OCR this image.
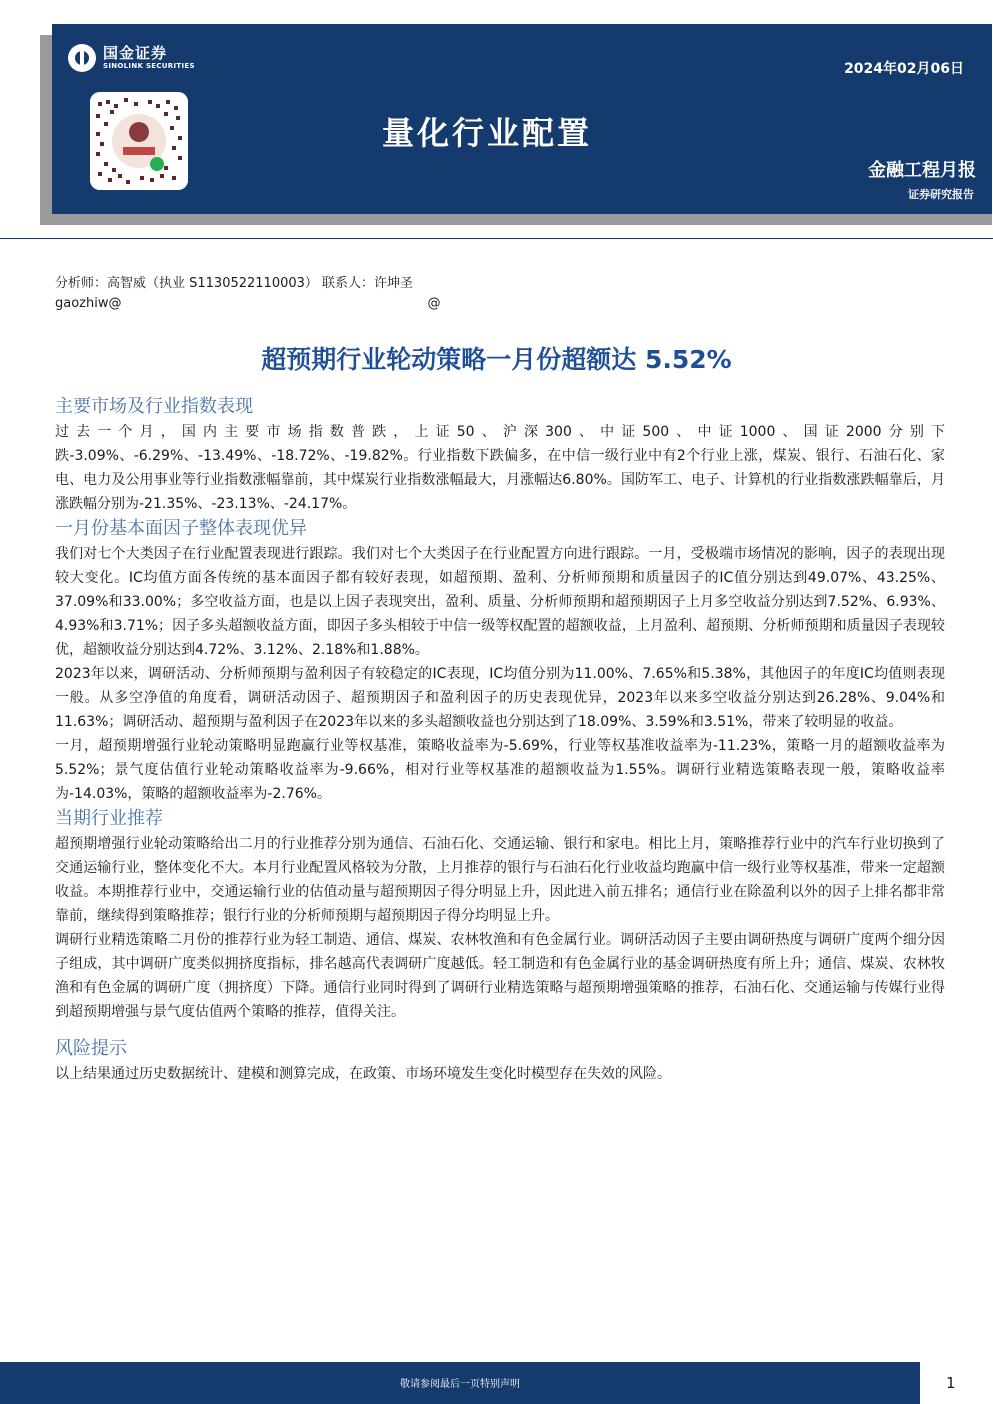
国金证券
SINOLINK SECURITIES	2024年02月06日
量化行业配置
金融工程月报
证券研究报告
分析师：高智威（执业 S1130522110003） 联系人：许坤圣
gaozhiw@	@
超预期行业轮动策略一月份超额达 5.52%
主要市场及行业指数表现

过去一个月，国内主要市场指数普跌，上证50、沪深300、中证500、中证1000、国证2000分别下跌-3.09%、-6.29%、-13.49%、-18.72%、-19.82%。行业指数下跌偏多，在中信一级行业中有2个行业上涨，煤炭、银行、石油石化、家电、电力及公用事业等行业指数涨幅靠前，其中煤炭行业指数涨幅最大，月涨幅达6.80%。国防军工、电子、计算机的行业指数涨跌幅靠后，月涨跌幅分别为-21.35%、-23.13%、-24.17%。

一月份基本面因子整体表现优异

我们对七个大类因子在行业配置表现进行跟踪。我们对七个大类因子在行业配置方向进行跟踪。一月，受极端市场情况的影响，因子的表现出现较大变化。IC均值方面各传统的基本面因子都有较好表现，如超预期、盈利、分析师预期和质量因子的IC值分别达到49.07%、43.25%、37.09%和33.00%；多空收益方面，也是以上因子表现突出，盈利、质量、分析师预期和超预期因子上月多空收益分别达到7.52%、6.93%、4.93%和3.71%；因子多头超额收益方面，即因子多头相较于中信一级等权配置的超额收益，上月盈利、超预期、分析师预期和质量因子表现较优，超额收益分别达到4.72%、3.12%、2.18%和1.88%。

2023年以来，调研活动、分析师预期与盈利因子有较稳定的IC表现，IC均值分别为11.00%、7.65%和5.38%，其他因子的年度IC均值则表现一般。从多空净值的角度看，调研活动因子、超预期因子和盈利因子的历史表现优异，2023年以来多空收益分别达到26.28%、9.04%和11.63%；调研活动、超预期与盈利因子在2023年以来的多头超额收益也分别达到了18.09%、3.59%和3.51%，带来了较明显的收益。

一月，超预期增强行业轮动策略明显跑赢行业等权基准，策略收益率为-5.69%，行业等权基准收益率为-11.23%，策略一月的超额收益率为5.52%；景气度估值行业轮动策略收益率为-9.66%，相对行业等权基准的超额收益为1.55%。调研行业精选策略表现一般，策略收益率为-14.03%，策略的超额收益率为-2.76%。

当期行业推荐

超预期增强行业轮动策略给出二月的行业推荐分别为通信、石油石化、交通运输、银行和家电。相比上月，策略推荐行业中的汽车行业切换到了交通运输行业，整体变化不大。本月行业配置风格较为分散，上月推荐的银行与石油石化行业收益均跑赢中信一级行业等权基准，带来一定超额收益。本期推荐行业中，交通运输行业的估值动量与超预期因子得分明显上升，因此进入前五排名；通信行业在除盈利以外的因子上排名都非常靠前，继续得到策略推荐；银行行业的分析师预期与超预期因子得分均明显上升。

调研行业精选策略二月份的推荐行业为轻工制造、通信、煤炭、农林牧渔和有色金属行业。调研活动因子主要由调研热度与调研广度两个细分因子组成，其中调研广度类似拥挤度指标，排名越高代表调研广度越低。轻工制造和有色金属行业的基金调研热度有所上升；通信、煤炭、农林牧渔和有色金属的调研广度（拥挤度）下降。通信行业同时得到了调研行业精选策略与超预期增强策略的推荐，石油石化、交通运输与传媒行业得到超预期增强与景气度估值两个策略的推荐，值得关注。

风险提示

以上结果通过历史数据统计、建模和测算完成，在政策、市场环境发生变化时模型存在失效的风险。

敬请参阅最后一页特别声明	1
